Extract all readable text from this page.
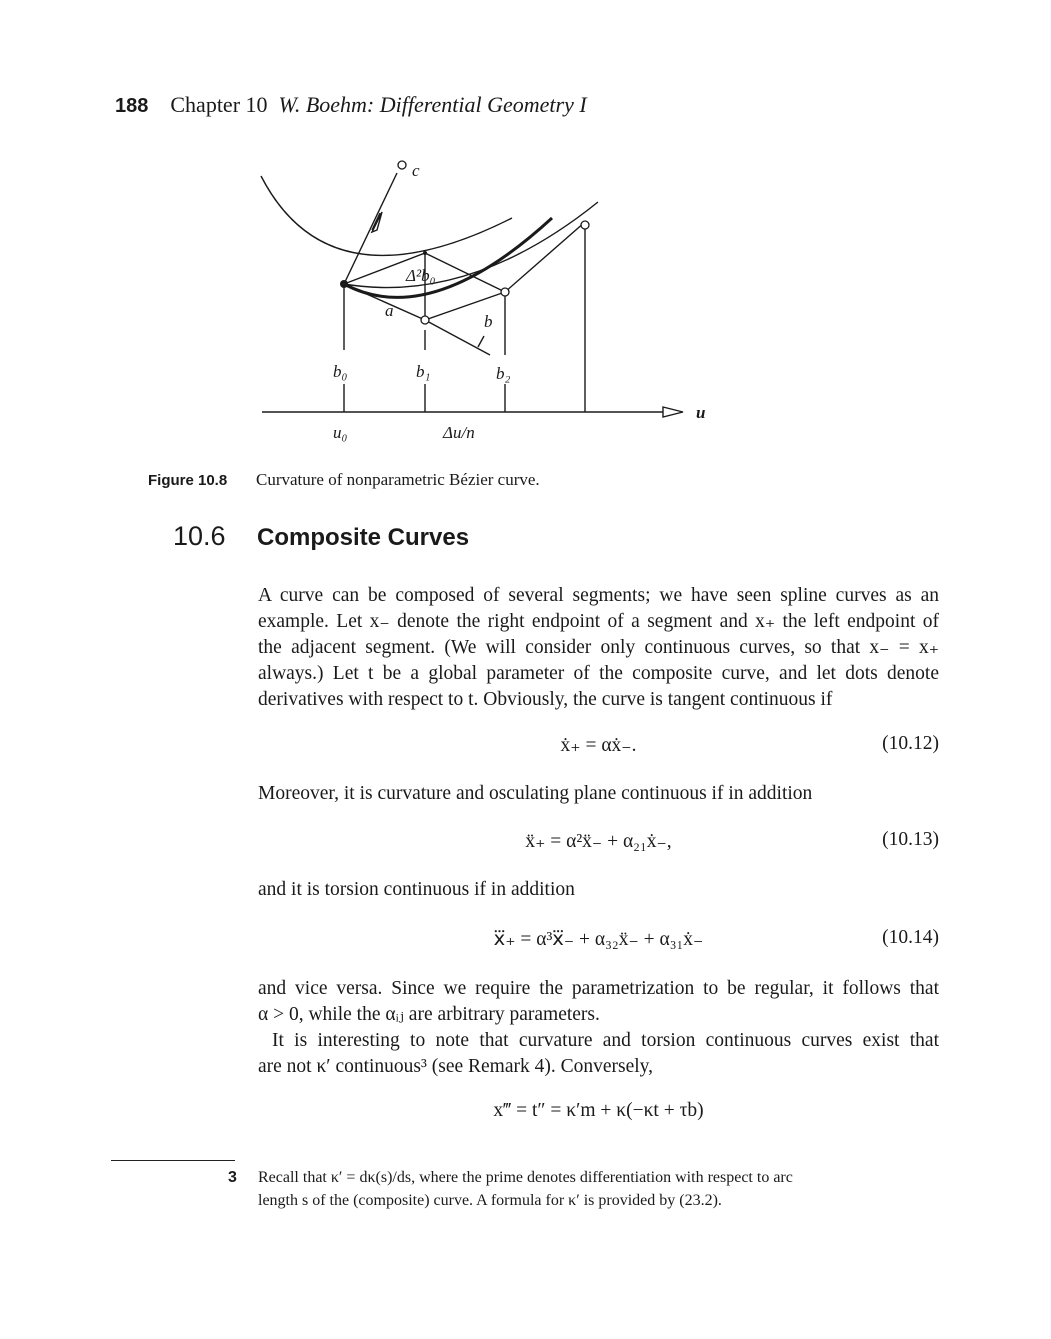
188 Chapter 10 W. Boehm: Differential Geometry I
c
Δ²b₀
a
b
b₀	b₁	b₂
u₀	Δu/n
u
Figure 10.8 Curvature of nonparametric Bézier curve.
10.6 Composite Curves
A curve can be composed of several segments; we have seen spline curves as an
example. Let x₋ denote the right endpoint of a segment and x₊ the left endpoint of
the adjacent segment. (We will consider only continuous curves, so that x₋ = x₊
always.) Let t be a global parameter of the composite curve, and let dots denote
derivatives with respect to t. Obviously, the curve is tangent continuous if
ẋ₊ = αẋ₋.	(10.12)
Moreover, it is curvature and osculating plane continuous if in addition
ẍ₊ = α²ẍ₋ + α₂₁ẋ₋,	(10.13)
and it is torsion continuous if in addition
x⃛₊ = α³x⃛₋ + α₃₂ẍ₋ + α₃₁ẋ₋	(10.14)
and vice versa. Since we require the parametrization to be regular, it follows that
α > 0, while the αᵢⱼ are arbitrary parameters.
It is interesting to note that curvature and torsion continuous curves exist that
are not κ′ continuous³ (see Remark 4). Conversely,
x‴ = t″ = κ′m + κ(−κt + τb)
3 Recall that κ′ = dκ(s)/ds, where the prime denotes differentiation with respect to arc
length s of the (composite) curve. A formula for κ′ is provided by (23.2).
